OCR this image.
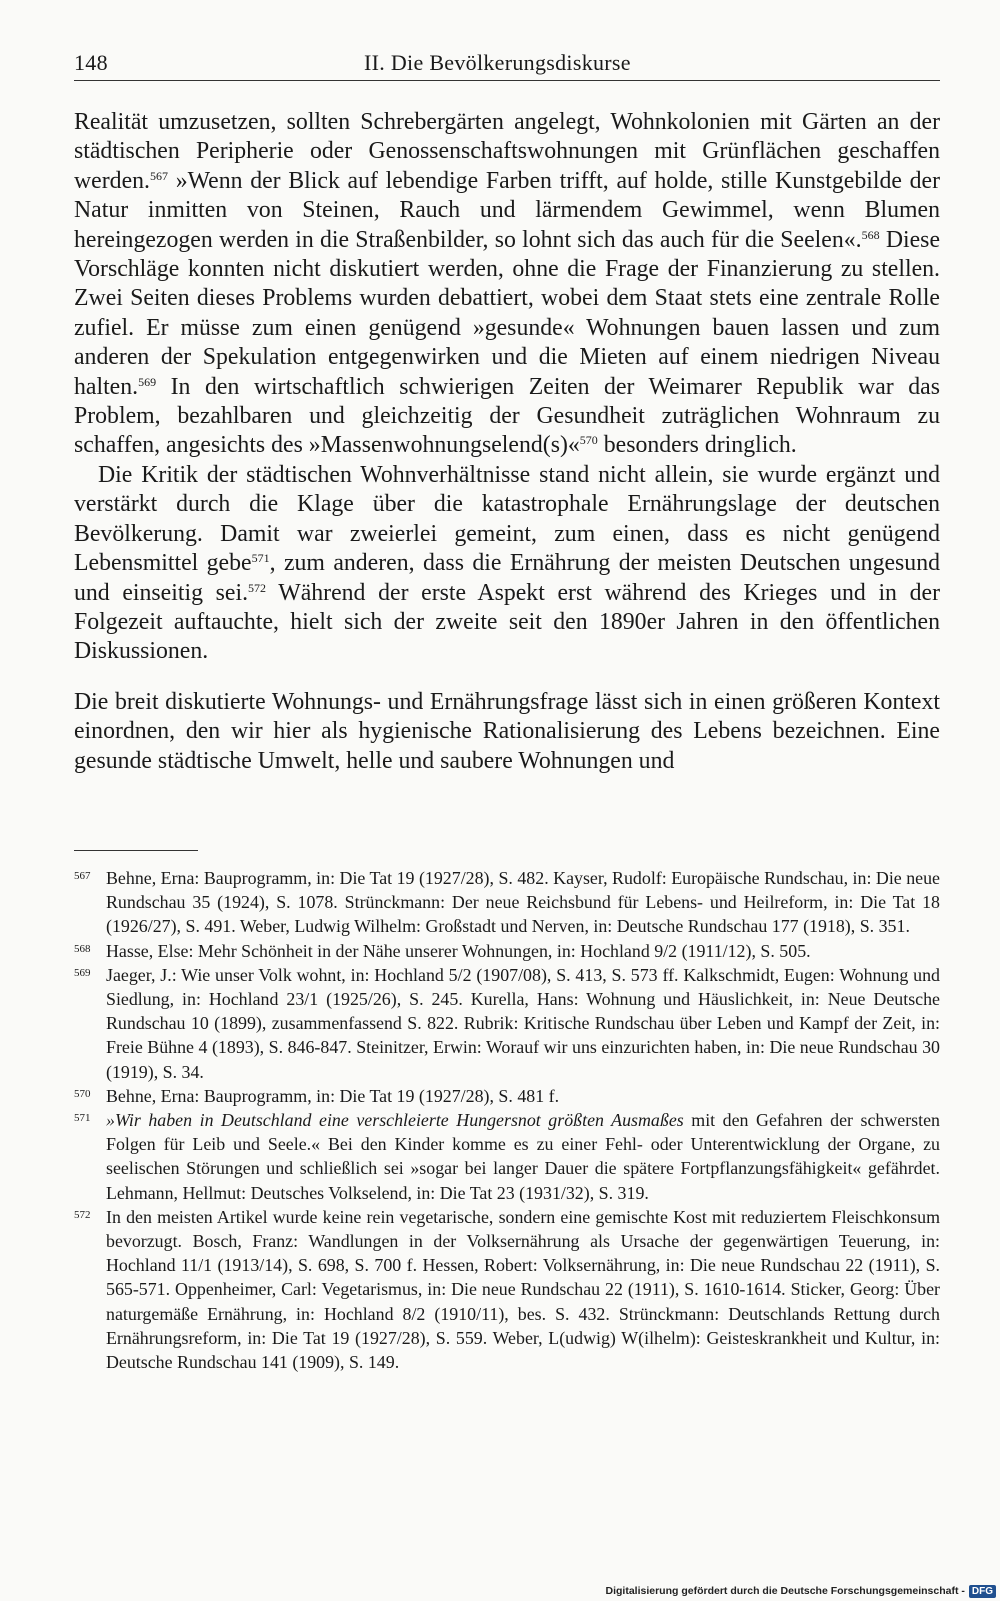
148	II. Die Bevölkerungsdiskurse

Realität umzusetzen, sollten Schrebergärten angelegt, Wohnkolonien mit Gärten an der städtischen Peripherie oder Genossenschaftswohnungen mit Grünflächen geschaffen werden.$^{567}$ »Wenn der Blick auf lebendige Farben trifft, auf holde, stille Kunstgebilde der Natur inmitten von Steinen, Rauch und lärmendem Gewimmel, wenn Blumen hereingezogen werden in die Straßenbilder, so lohnt sich das auch für die Seelen«.$^{568}$ Diese Vorschläge konnten nicht diskutiert werden, ohne die Frage der Finanzierung zu stellen. Zwei Seiten dieses Problems wurden debattiert, wobei dem Staat stets eine zentrale Rolle zufiel. Er müsse zum einen genügend »gesunde« Wohnungen bauen lassen und zum anderen der Spekulation entgegenwirken und die Mieten auf einem niedrigen Niveau halten.$^{569}$ In den wirtschaftlich schwierigen Zeiten der Weimarer Republik war das Problem, bezahlbaren und gleichzeitig der Gesundheit zuträglichen Wohnraum zu schaffen, angesichts des »Massenwohnungselend(s)«$^{570}$ besonders dringlich.

Die Kritik der städtischen Wohnverhältnisse stand nicht allein, sie wurde ergänzt und verstärkt durch die Klage über die katastrophale Ernährungslage der deutschen Bevölkerung. Damit war zweierlei gemeint, zum einen, dass es nicht genügend Lebensmittel gebe$^{571}$, zum anderen, dass die Ernährung der meisten Deutschen ungesund und einseitig sei.$^{572}$ Während der erste Aspekt erst während des Krieges und in der Folgezeit auftauchte, hielt sich der zweite seit den 1890er Jahren in den öffentlichen Diskussionen.

Die breit diskutierte Wohnungs- und Ernährungsfrage lässt sich in einen größeren Kontext einordnen, den wir hier als hygienische Rationalisierung des Lebens bezeichnen. Eine gesunde städtische Umwelt, helle und saubere Wohnungen und

567 Behne, Erna: Bauprogramm, in: Die Tat 19 (1927/28), S. 482. Kayser, Rudolf: Europäische Rundschau, in: Die neue Rundschau 35 (1924), S. 1078. Strünckmann: Der neue Reichsbund für Lebens- und Heilreform, in: Die Tat 18 (1926/27), S. 491. Weber, Ludwig Wilhelm: Großstadt und Nerven, in: Deutsche Rundschau 177 (1918), S. 351.
568 Hasse, Else: Mehr Schönheit in der Nähe unserer Wohnungen, in: Hochland 9/2 (1911/12), S. 505.
569 Jaeger, J.: Wie unser Volk wohnt, in: Hochland 5/2 (1907/08), S. 413, S. 573 ff. Kalkschmidt, Eugen: Wohnung und Siedlung, in: Hochland 23/1 (1925/26), S. 245. Kurella, Hans: Wohnung und Häuslichkeit, in: Neue Deutsche Rundschau 10 (1899), zusammenfassend S. 822. Rubrik: Kritische Rundschau über Leben und Kampf der Zeit, in: Freie Bühne 4 (1893), S. 846-847. Steinitzer, Erwin: Worauf wir uns einzurichten haben, in: Die neue Rundschau 30 (1919), S. 34.
570 Behne, Erna: Bauprogramm, in: Die Tat 19 (1927/28), S. 481 f.
571 »Wir haben in Deutschland eine verschleierte Hungersnot größten Ausmaßes mit den Gefahren der schwersten Folgen für Leib und Seele.« Bei den Kinder komme es zu einer Fehl- oder Unterentwicklung der Organe, zu seelischen Störungen und schließlich sei »sogar bei langer Dauer die spätere Fortpflanzungsfähigkeit« gefährdet. Lehmann, Hellmut: Deutsches Volkselend, in: Die Tat 23 (1931/32), S. 319.
572 In den meisten Artikel wurde keine rein vegetarische, sondern eine gemischte Kost mit reduziertem Fleischkonsum bevorzugt. Bosch, Franz: Wandlungen in der Volksernährung als Ursache der gegenwärtigen Teuerung, in: Hochland 11/1 (1913/14), S. 698, S. 700 f. Hessen, Robert: Volksernährung, in: Die neue Rundschau 22 (1911), S. 565-571. Oppenheimer, Carl: Vegetarismus, in: Die neue Rundschau 22 (1911), S. 1610-1614. Sticker, Georg: Über naturgemäße Ernährung, in: Hochland 8/2 (1910/11), bes. S. 432. Strünckmann: Deutschlands Rettung durch Ernährungsreform, in: Die Tat 19 (1927/28), S. 559. Weber, L(udwig) W(ilhelm): Geisteskrankheit und Kultur, in: Deutsche Rundschau 141 (1909), S. 149.
Digitalisierung gefördert durch die Deutsche Forschungsgemeinschaft - DFG
